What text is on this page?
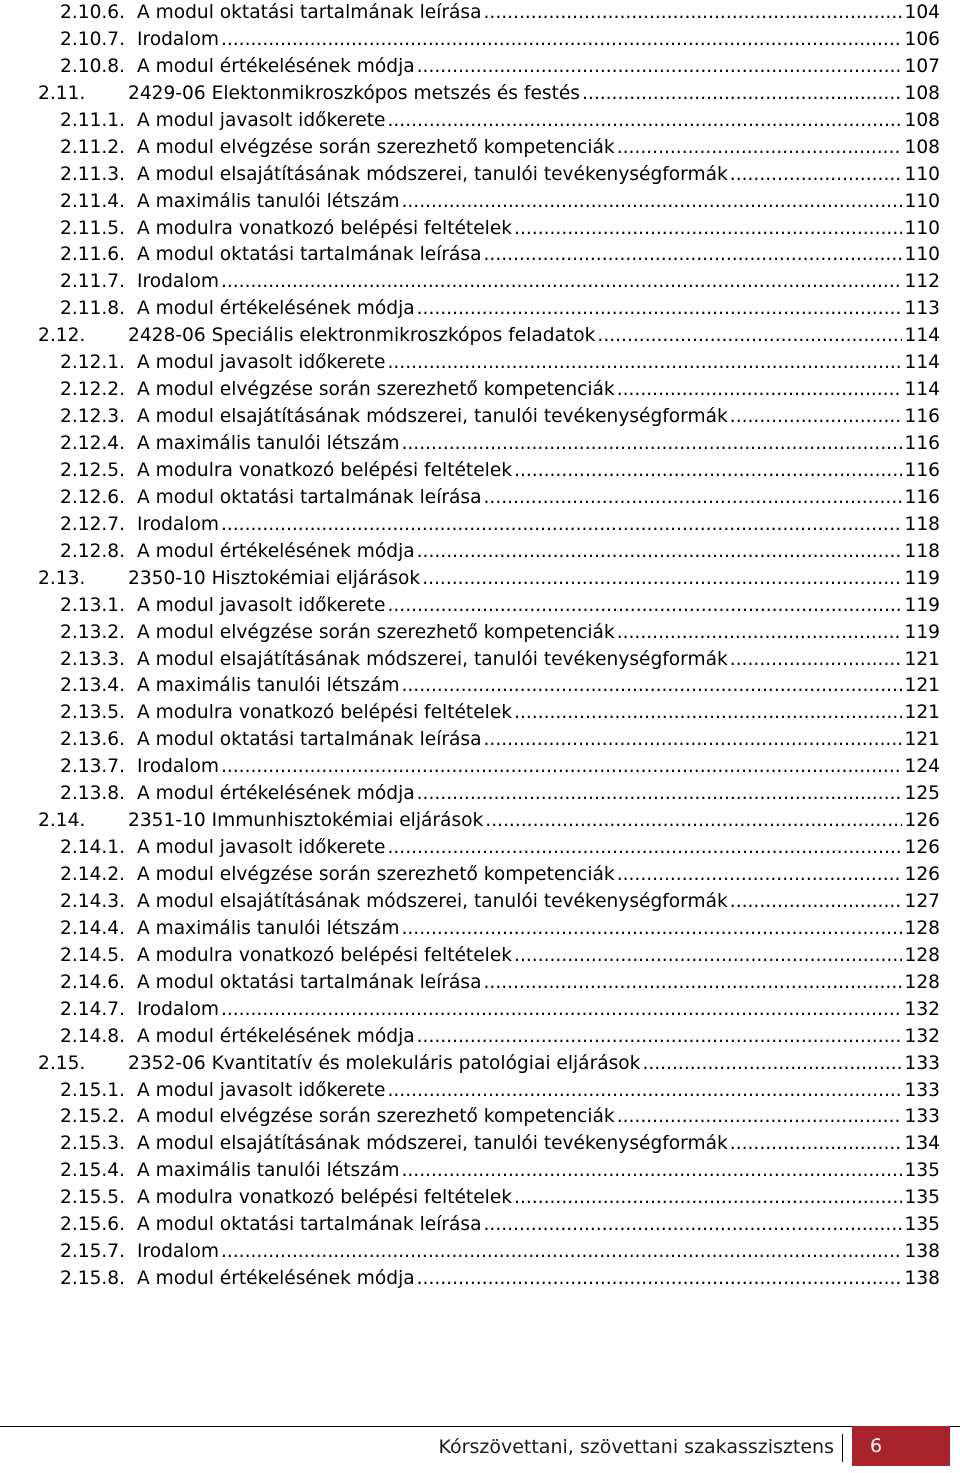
2.10.6. A modul oktatási tartalmának leírása .....	104
2.10.7. Irodalom .....	106
2.10.8. A modul értékelésének módja .....	107
2.11.	2429-06 Elektonmikroszkópos metszés és festés .....	108
2.11.1. A modul javasolt időkerete .....	108
2.11.2. A modul elvégzése során szerezhető kompetenciák .....	108
2.11.3. A modul elsajátításának módszerei, tanulói tevékenységformák .....	110
2.11.4. A maximális tanulói létszám .....	110
2.11.5. A modulra vonatkozó belépési feltételek .....	110
2.11.6. A modul oktatási tartalmának leírása .....	110
2.11.7. Irodalom .....	112
2.11.8. A modul értékelésének módja .....	113
2.12.	2428-06 Speciális elektronmikroszkópos feladatok .....	114
2.12.1. A modul javasolt időkerete .....	114
2.12.2. A modul elvégzése során szerezhető kompetenciák .....	114
2.12.3. A modul elsajátításának módszerei, tanulói tevékenységformák .....	116
2.12.4. A maximális tanulói létszám .....	116
2.12.5. A modulra vonatkozó belépési feltételek .....	116
2.12.6. A modul oktatási tartalmának leírása .....	116
2.12.7. Irodalom .....	118
2.12.8. A modul értékelésének módja .....	118
2.13.	2350-10 Hisztokémiai eljárások .....	119
2.13.1. A modul javasolt időkerete .....	119
2.13.2. A modul elvégzése során szerezhető kompetenciák .....	119
2.13.3. A modul elsajátításának módszerei, tanulói tevékenységformák .....	121
2.13.4. A maximális tanulói létszám .....	121
2.13.5. A modulra vonatkozó belépési feltételek .....	121
2.13.6. A modul oktatási tartalmának leírása .....	121
2.13.7. Irodalom .....	124
2.13.8. A modul értékelésének módja .....	125
2.14.	2351-10 Immunhisztokémiai eljárások .....	126
2.14.1. A modul javasolt időkerete .....	126
2.14.2. A modul elvégzése során szerezhető kompetenciák .....	126
2.14.3. A modul elsajátításának módszerei, tanulói tevékenységformák .....	127
2.14.4. A maximális tanulói létszám .....	128
2.14.5. A modulra vonatkozó belépési feltételek .....	128
2.14.6. A modul oktatási tartalmának leírása .....	128
2.14.7. Irodalom .....	132
2.14.8. A modul értékelésének módja .....	132
2.15.	2352-06 Kvantitatív és molekuláris patológiai eljárások .....	133
2.15.1. A modul javasolt időkerete .....	133
2.15.2. A modul elvégzése során szerezhető kompetenciák .....	133
2.15.3. A modul elsajátításának módszerei, tanulói tevékenységformák .....	134
2.15.4. A maximális tanulói létszám .....	135
2.15.5. A modulra vonatkozó belépési feltételek .....	135
2.15.6. A modul oktatási tartalmának leírása .....	135
2.15.7. Irodalom .....	138
2.15.8. A modul értékelésének módja .....	138
Kórszövettani, szövettani szakasszisztens	6
